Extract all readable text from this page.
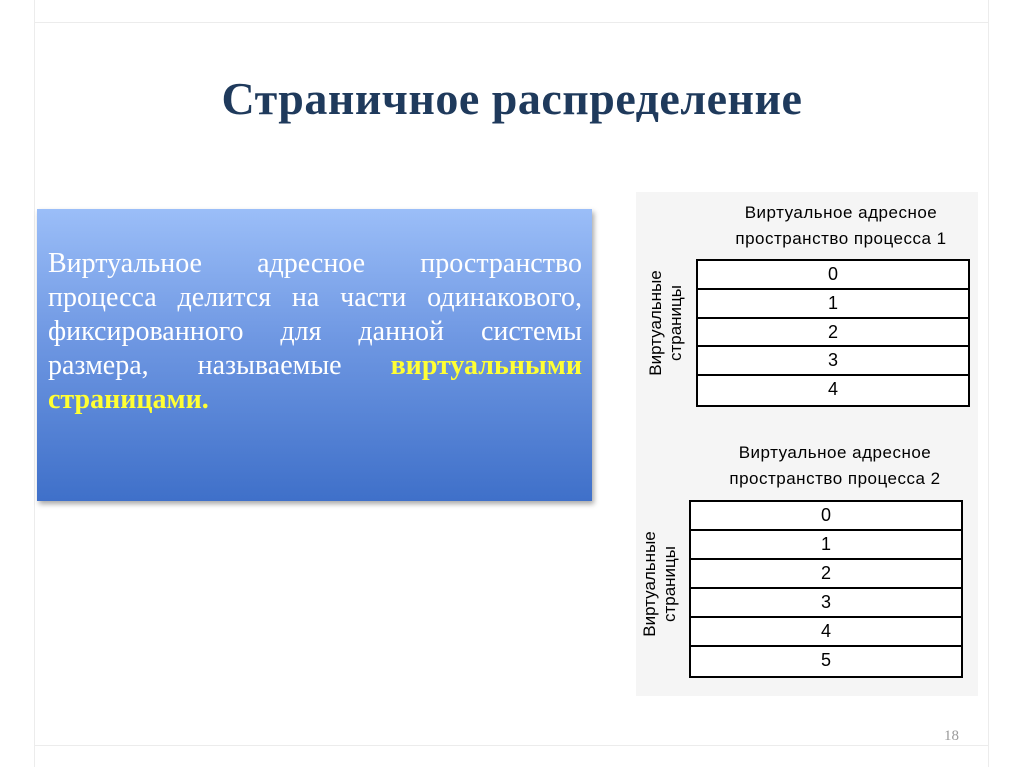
Страничное распределение

Виртуальное адресное пространство процесса делится на части одинакового, фиксированного для данной системы размера, называемые виртуальными страницами.

Виртуальное адресное
пространство процесса 1
Виртуальные страницы
0
1
2
3
4
Виртуальное адресное
пространство процесса 2
Виртуальные страницы
0
1
2
3
4
5
18
